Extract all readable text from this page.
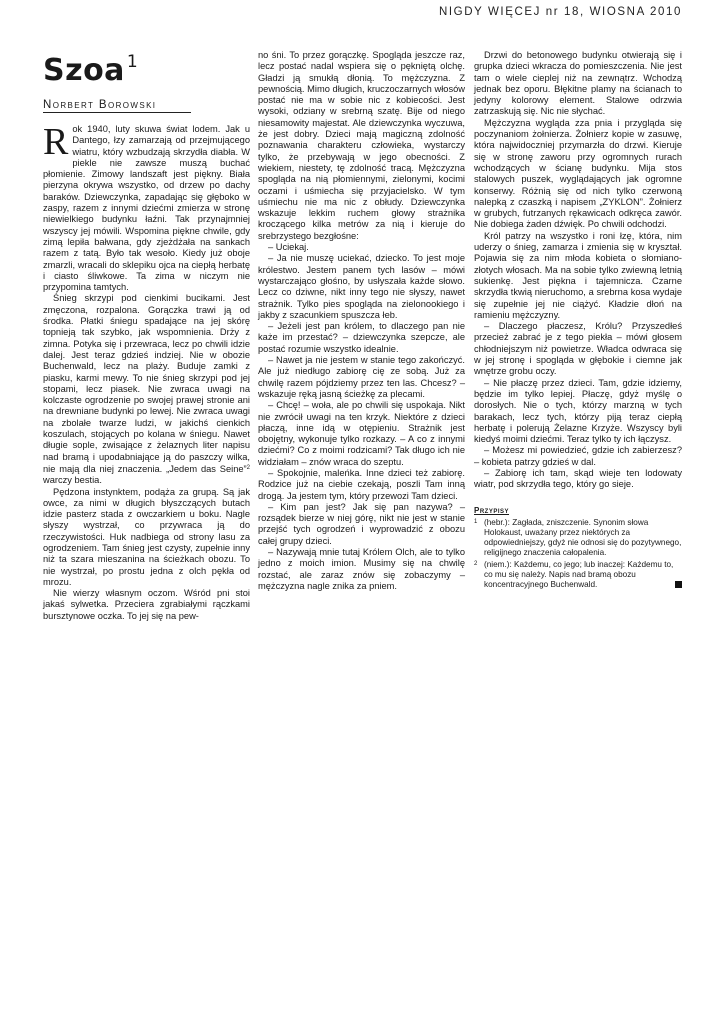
NIGDY WIĘCEJ nr 18, WIOSNA 2010
Szoa $^1$
Norbert Borowski

Rok 1940, luty skuwa świat lodem. Jak u Dantego, łzy zamarzają od przejmującego wiatru, który wzbudzają skrzydła diabła. W piekle nie zawsze muszą buchać płomienie. Zimowy landszaft jest piękny. Biała pierzyna okrywa wszystko, od drzew po dachy baraków. Dziewczynka, zapadając się głęboko w zaspy, razem z innymi dziećmi zmierza w stronę niewielkiego budynku łaźni. Tak przynajmniej wszyscy jej mówili. Wspomina piękne chwile, gdy zimą lepiła bałwana, gdy zjeżdżała na sankach razem z tatą. Było tak wesoło. Kiedy już oboje zmarzli, wracali do sklepiku ojca na ciepłą herbatę i ciasto śliwkowe. Ta zima w niczym nie przypomina tamtych.

Śnieg skrzypi pod cienkimi bucikami. Jest zmęczona, rozpalona. Gorączka trawi ją od środka. Płatki śniegu spadające na jej skórę topnieją tak szybko, jak wspomnienia. Drży z zimna. Potyka się i przewraca, lecz po chwili idzie dalej. Jest teraz gdzieś indziej. Nie w obozie Buchenwald, lecz na plaży. Buduje zamki z piasku, karmi mewy. To nie śnieg skrzypi pod jej stopami, lecz piasek. Nie zwraca uwagi na kolczaste ogrodzenie po swojej prawej stronie ani na drewniane budynki po lewej. Nie zwraca uwagi na zbolałe twarze ludzi, w jakichś cienkich koszulach, stojących po kolana w śniegu. Nawet długie sople, zwisające z żelaznych liter napisu nad bramą i upodabniające ją do paszczy wilka, nie mają dla niej znaczenia. „Jedem das Seine”$^2$ warczy bestia.

Pędzona instynktem, podąża za grupą. Są jak owce, za nimi w długich błyszczących butach idzie pasterz stada z owczarkiem u boku. Nagle słyszy wystrzał, co przywraca ją do rzeczywistości. Huk nadbiega od strony lasu za ogrodzeniem. Tam śnieg jest czysty, zupełnie inny niż ta szara mieszanina na ścieżkach obozu. To nie wystrzał, po prostu jedna z olch pękła od mrozu.

Nie wierzy własnym oczom. Wśród pni stoi jakaś sylwetka. Przeciera zgrabiałymi rączkami bursztynowe oczka. To jej się na pew-

no śni. To przez gorączkę. Spogląda jeszcze raz, lecz postać nadal wspiera się o pękniętą olchę. Gładzi ją smukłą dłonią. To mężczyzna. Z pewnością. Mimo długich, kruczoczarnych włosów postać nie ma w sobie nic z kobiecości. Jest wysoki, odziany w srebrną szatę. Bije od niego niesamowity majestat. Ale dziewczynka wyczuwa, że jest dobry. Dzieci mają magiczną zdolność poznawania charakteru człowieka, wystarczy tylko, że przebywają w jego obecności. Z wiekiem, niestety, tę zdolność tracą. Mężczyzna spogląda na nią płomiennymi, zielonymi, kocimi oczami i uśmiecha się przyjacielsko. W tym uśmiechu nie ma nic z obłudy. Dziewczynka wskazuje lekkim ruchem głowy strażnika kroczącego kilka metrów za nią i kieruje do srebrzystego bezgłośne:

– Uciekaj.

– Ja nie muszę uciekać, dziecko. To jest moje królestwo. Jestem panem tych lasów – mówi wystarczająco głośno, by usłyszała każde słowo. Lecz co dziwne, nikt inny tego nie słyszy, nawet strażnik. Tylko pies spogląda na zielonookiego i jakby z szacunkiem spuszcza łeb.

– Jeżeli jest pan królem, to dlaczego pan nie każe im przestać? – dziewczynka szepcze, ale postać rozumie wszystko idealnie.

– Nawet ja nie jestem w stanie tego zakończyć. Ale już niedługo zabiorę cię ze sobą. Już za chwilę razem pójdziemy przez ten las. Chcesz? – wskazuje ręką jasną ścieżkę za plecami.

– Chcę! – woła, ale po chwili się uspokaja. Nikt nie zwrócił uwagi na ten krzyk. Niektóre z dzieci płaczą, inne idą w otępieniu. Strażnik jest obojętny, wykonuje tylko rozkazy. – A co z innymi dziećmi? Co z moimi rodzicami? Tak długo ich nie widziałam – znów wraca do szeptu.

– Spokojnie, maleńka. Inne dzieci też zabiorę. Rodzice już na ciebie czekają, poszli Tam inną drogą. Ja jestem tym, który przewozi Tam dzieci.

– Kim pan jest? Jak się pan nazywa? – rozsądek bierze w niej górę, nikt nie jest w stanie przejść tych ogrodzeń i wyprowadzić z obozu całej grupy dzieci.

– Nazywają mnie tutaj Królem Olch, ale to tylko jedno z moich imion. Musimy się na chwilę rozstać, ale zaraz znów się zobaczymy – mężczyzna nagle znika za pniem.

Drzwi do betonowego budynku otwierają się i grupka dzieci wkracza do pomieszczenia. Nie jest tam o wiele cieplej niż na zewnątrz. Wchodzą jednak bez oporu. Błękitne plamy na ścianach to jedyny kolorowy element. Stalowe odrzwia zatrzaskują się. Nic nie słychać.

Mężczyzna wygląda zza pnia i przygląda się poczynaniom żołnierza. Żołnierz kopie w zasuwę, która najwidoczniej przymarzła do drzwi. Kieruje się w stronę zaworu przy ogromnych rurach wchodzących w ścianę budynku. Mija stos stalowych puszek, wyglądających jak ogromne konserwy. Różnią się od nich tylko czerwoną nalepką z czaszką i napisem „ZYKLON”. Żołnierz w grubych, futrzanych rękawicach odkręca zawór. Nie dobiega żaden dźwięk. Po chwili odchodzi.

Król patrzy na wszystko i roni łzę, która, nim uderzy o śnieg, zamarza i zmienia się w kryształ. Pojawia się za nim młoda kobieta o słomiano-złotych włosach. Ma na sobie tylko zwiewną letnią sukienkę. Jest piękna i tajemnicza. Czarne skrzydła tkwią nieruchomo, a srebrna kosa wydaje się zupełnie jej nie ciążyć. Kładzie dłoń na ramieniu mężczyzny.

– Dlaczego płaczesz, Królu? Przyszedłeś przecież zabrać je z tego piekła – mówi głosem chłodniejszym niż powietrze. Władca odwraca się w jej stronę i spogląda w głębokie i ciemne jak wnętrze grobu oczy.

– Nie płaczę przez dzieci. Tam, gdzie idziemy, będzie im tylko lepiej. Płaczę, gdyż myślę o dorosłych. Nie o tych, którzy marzną w tych barakach, lecz tych, którzy piją teraz ciepłą herbatę i polerują Żelazne Krzyże. Wszyscy byli kiedyś moimi dziećmi. Teraz tylko ty ich łączysz.

– Możesz mi powiedzieć, gdzie ich zabierzesz? – kobieta patrzy gdzieś w dal.

– Zabiorę ich tam, skąd wieje ten lodowaty wiatr, pod skrzydła tego, który go sieje.

Przypisy
$^1$ (hebr.): Zagłada, zniszczenie. Synonim słowa Holokaust, uważany przez niektórych za odpowiedniejszy, gdyż nie odnosi się do pozytywnego, religijnego znaczenia całopalenia.
$^2$ (niem.): Każdemu, co jego; lub inaczej: Każdemu to, co mu się należy. Napis nad bramą obozu koncentracyjnego Buchenwald.
